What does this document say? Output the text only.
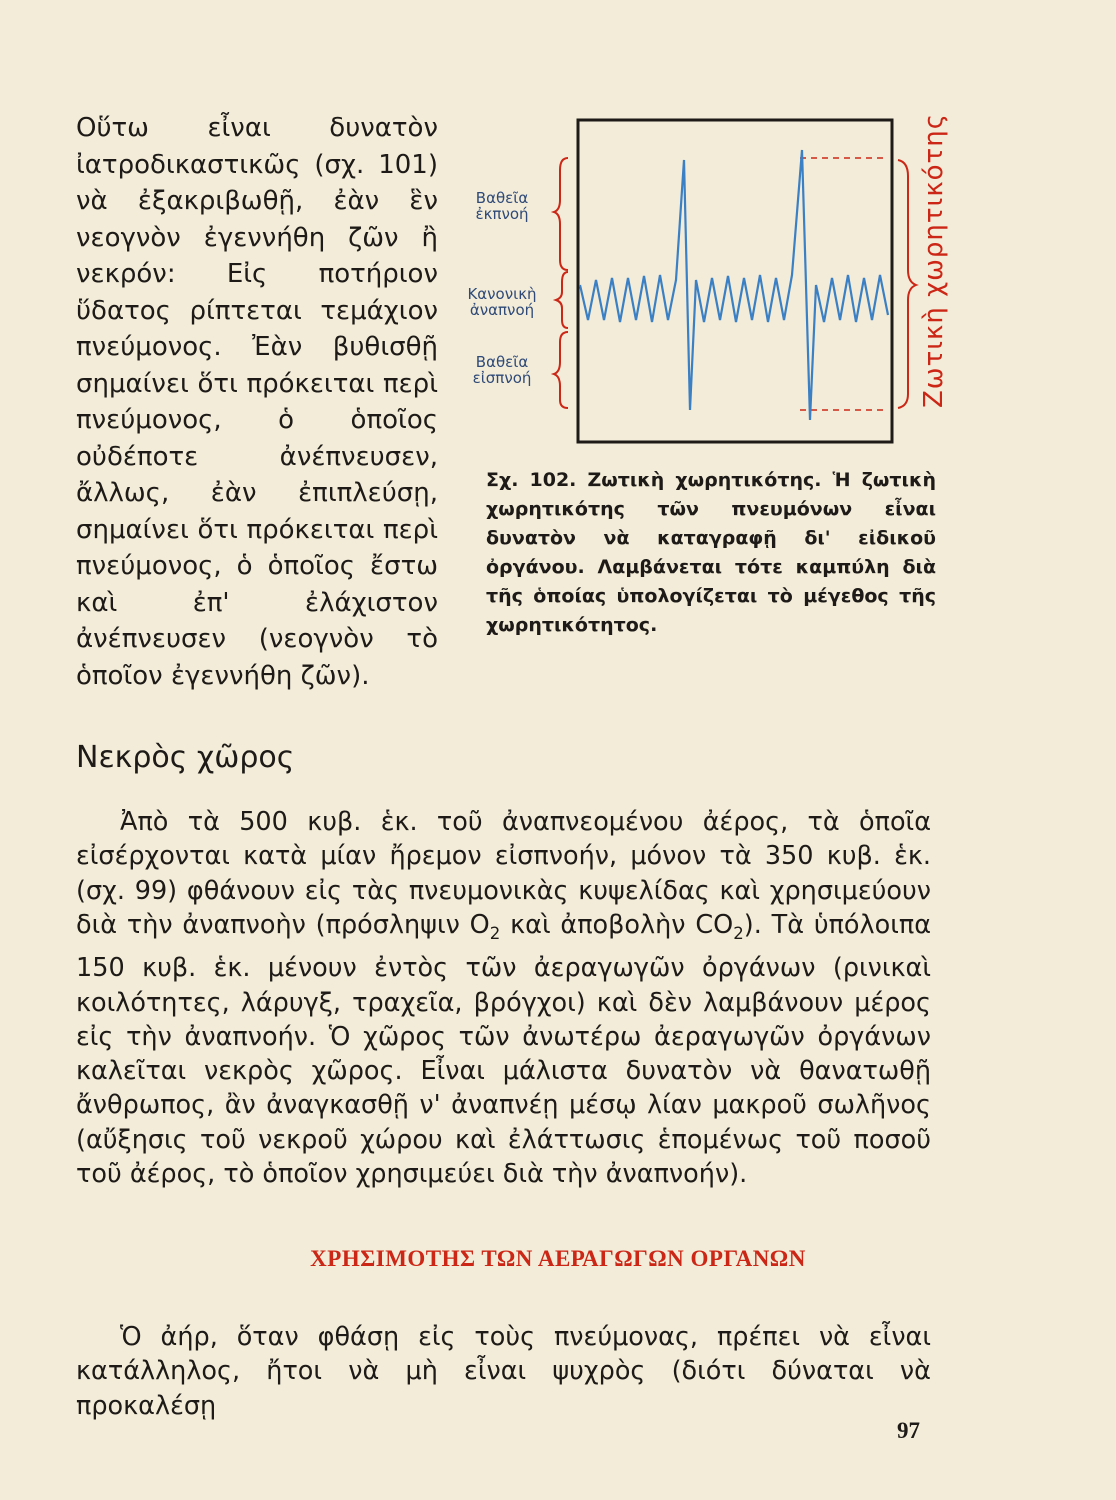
Οὕτω εἶναι δυνατὸν ἰατροδικαστικῶς (σχ. 101) νὰ ἐξακριβωθῇ, ἐὰν ἓν νεογνὸν ἐγεννήθη ζῶν ἢ νεκρόν: Εἰς ποτήριον ὕδατος ρίπτεται τεμάχιον πνεύμονος. Ἐὰν βυθισθῇ σημαίνει ὅτι πρόκειται περὶ πνεύμονος, ὁ ὁποῖος οὐδέποτε ἀνέπνευσεν, ἄλλως, ἐὰν ἐπιπλεύσῃ, σημαίνει ὅτι πρόκειται περὶ πνεύμονος, ὁ ὁποῖος ἔστω καὶ ἐπ' ἐλάχιστον ἀνέπνευσεν (νεογνὸν τὸ ὁποῖον ἐγεννήθη ζῶν).

Βαθεῖα
ἐκπνοή
Κανονικὴ
ἀναπνοή
Βαθεῖα
εἰσπνοή	Ζωτικὴ χωρητικότης

Σχ. 102. Ζωτικὴ χωρητικότης. Ἡ ζωτικὴ χωρητικότης τῶν πνευμόνων εἶναι δυνατὸν νὰ καταγραφῇ δι' εἰδικοῦ ὀργάνου. Λαμβάνεται τότε καμπύλη διὰ τῆς ὁποίας ὑπολογίζεται τὸ μέγεθος τῆς χωρητικότητος.

Νεκρὸς χῶρος

Ἀπὸ τὰ 500 κυβ. ἑκ. τοῦ ἀναπνεομένου ἀέρος, τὰ ὁποῖα εἰσέρχονται κατὰ μίαν ἤρεμον εἰσπνοήν, μόνον τὰ 350 κυβ. ἑκ. (σχ. 99) φθάνουν εἰς τὰς πνευμονικὰς κυψελίδας καὶ χρησιμεύουν διὰ τὴν ἀναπνοὴν (πρόσληψιν $O_2$ καὶ ἀποβολὴν $CO_2$). Τὰ ὑπόλοιπα 150 κυβ. ἑκ. μένουν ἐντὸς τῶν ἀεραγωγῶν ὀργάνων (ρινικαὶ κοιλότητες, λάρυγξ, τραχεῖα, βρόγχοι) καὶ δὲν λαμβάνουν μέρος εἰς τὴν ἀναπνοήν. Ὁ χῶρος τῶν ἀνωτέρω ἀεραγωγῶν ὀργάνων καλεῖται νεκρὸς χῶρος. Εἶναι μάλιστα δυνατὸν νὰ θανατωθῇ ἄνθρωπος, ἂν ἀναγκασθῇ ν' ἀναπνέῃ μέσῳ λίαν μακροῦ σωλῆνος (αὔξησις τοῦ νεκροῦ χώρου καὶ ἐλάττωσις ἑπομένως τοῦ ποσοῦ τοῦ ἀέρος, τὸ ὁποῖον χρησιμεύει διὰ τὴν ἀναπνοήν).

ΧΡΗΣΙΜΟΤΗΣ ΤΩΝ ΑΕΡΑΓΩΓΩΝ ΟΡΓΑΝΩΝ

Ὁ ἀήρ, ὅταν φθάσῃ εἰς τοὺς πνεύμονας, πρέπει νὰ εἶναι κατάλληλος, ἤτοι νὰ μὴ εἶναι ψυχρὸς (διότι δύναται νὰ προκαλέσῃ

97
